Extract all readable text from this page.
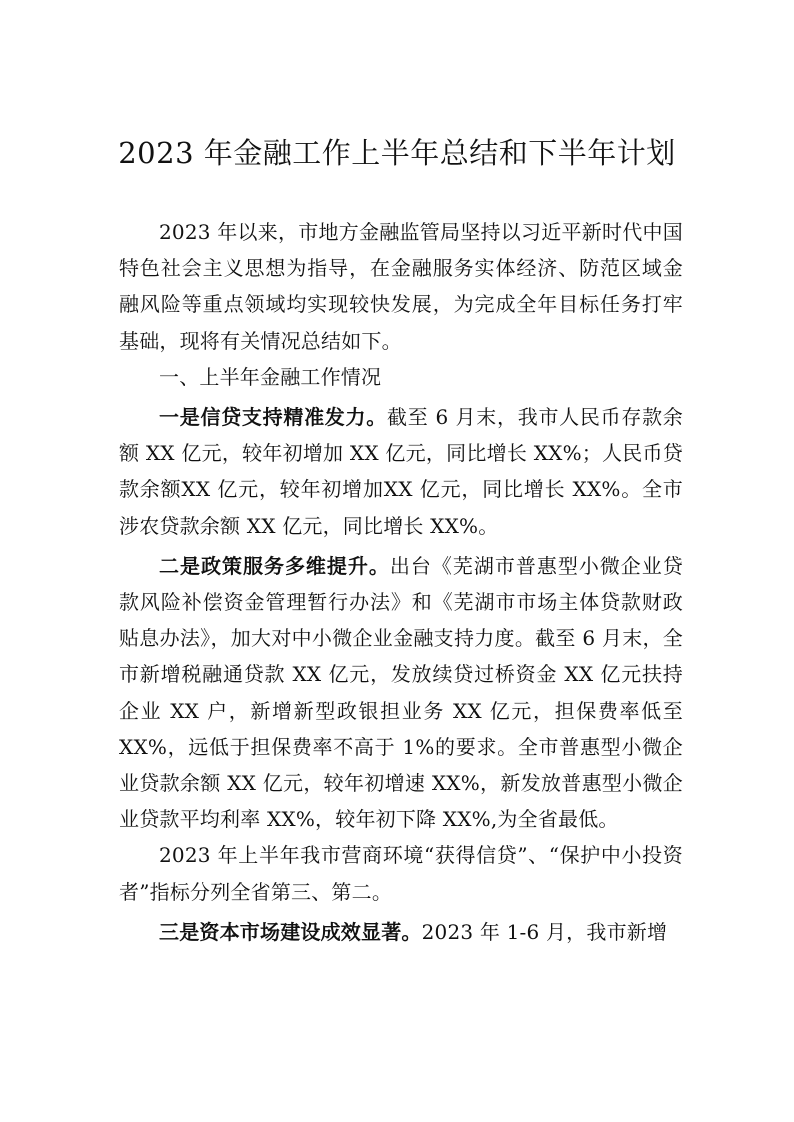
2023 年金融工作上半年总结和下半年计划

2023 年以来，市地方金融监管局坚持以习近平新时代中国特色社会主义思想为指导，在金融服务实体经济、防范区域金融风险等重点领域均实现较快发展，为完成全年目标任务打牢基础，现将有关情况总结如下。

一、上半年金融工作情况

一是信贷支持精准发力。截至 6 月末，我市人民币存款余额 XX 亿元，较年初增加 XX 亿元，同比增长 XX%；人民币贷款余额XX 亿元，较年初增加XX 亿元，同比增长 XX%。全市涉农贷款余额 XX 亿元，同比增长 XX%。

二是政策服务多维提升。出台《芜湖市普惠型小微企业贷款风险补偿资金管理暂行办法》和《芜湖市市场主体贷款财政贴息办法》，加大对中小微企业金融支持力度。截至 6 月末，全市新增税融通贷款 XX 亿元，发放续贷过桥资金 XX 亿元扶持企业 XX 户，新增新型政银担业务 XX 亿元，担保费率低至 XX%，远低于担保费率不高于 1%的要求。全市普惠型小微企业贷款余额 XX 亿元，较年初增速 XX%，新发放普惠型小微企业贷款平均利率 XX%，较年初下降 XX%,为全省最低。

2023 年上半年我市营商环境“获得信贷”、“保护中小投资者”指标分列全省第三、第二。

三是资本市场建设成效显著。2023 年 1-6 月，我市新增
